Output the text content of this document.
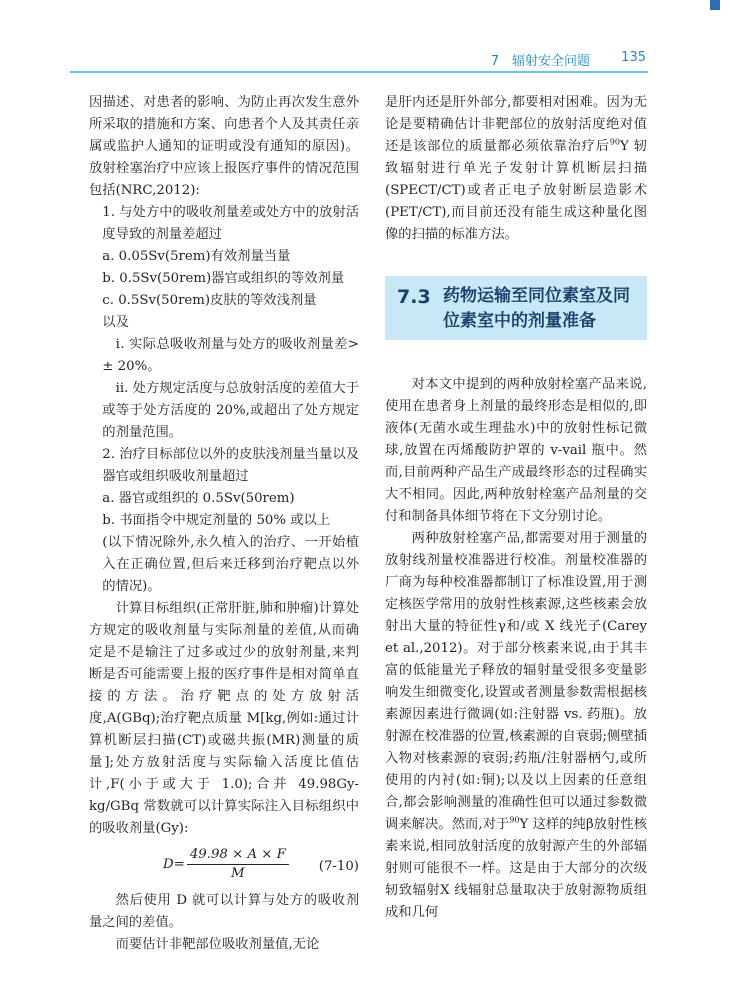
7　辐射安全问题 135

因描述、对患者的影响、为防止再次发生意外所采取的措施和方案、向患者个人及其责任亲属或监护人通知的证明或没有通知的原因)。放射栓塞治疗中应该上报医疗事件的情况范围包括(NRC,2012):

1. 与处方中的吸收剂量差或处方中的放射活度导致的剂量差超过

a. 0.05Sv(5rem)有效剂量当量

b. 0.5Sv(50rem)器官或组织的等效剂量

c. 0.5Sv(50rem)皮肤的等效浅剂量

以及

ⅰ. 实际总吸收剂量与处方的吸收剂量差> ± 20%。

ⅱ. 处方规定活度与总放射活度的差值大于或等于处方活度的 20%,或超出了处方规定的剂量范围。

2. 治疗目标部位以外的皮肤浅剂量当量以及器官或组织吸收剂量超过

a. 器官或组织的 0.5Sv(50rem)

b. 书面指令中规定剂量的 50% 或以上

(以下情况除外,永久植入的治疗、一开始植入在正确位置,但后来迁移到治疗靶点以外的情况)。

计算目标组织(正常肝脏,肺和肿瘤)计算处方规定的吸收剂量与实际剂量的差值,从而确定是不是输注了过多或过少的放射剂量,来判断是否可能需要上报的医疗事件是相对简单直接的方法。治疗靶点的处方放射活度,A(GBq);治疗靶点质量 M[kg,例如:通过计算机断层扫描(CT)或磁共振(MR)测量的质量];处方放射活度与实际输入活度比值估计,F(小于或大于 1.0);合并 49.98Gy-kg/GBq 常数就可以计算实际注入目标组织中的吸收剂量(Gy):

$D= \frac{49.98 \times A \times F}{M} (7-10)$

然后使用 D 就可以计算与处方的吸收剂量之间的差值。

而要估计非靶部位吸收剂量值,无论

是肝内还是肝外部分,都要相对困难。因为无论是要精确估计非靶部位的放射活度绝对值还是该部位的质量都必须依靠治疗后$^{90}$Y 轫致辐射进行单光子发射计算机断层扫描(SPECT/CT)或者正电子放射断层造影术(PET/CT),而目前还没有能生成这种量化图像的扫描的标准方法。

7.3 药物运输至同位素室及同位素室中的剂量准备

对本文中提到的两种放射栓塞产品来说,使用在患者身上剂量的最终形态是相似的,即液体(无菌水或生理盐水)中的放射性标记微球,放置在丙烯酸防护罩的 v-vail 瓶中。然而,目前两种产品生产成最终形态的过程确实大不相同。因此,两种放射栓塞产品剂量的交付和制备具体细节将在下文分别讨论。

两种放射栓塞产品,都需要对用于测量的放射线剂量校准器进行校准。剂量校准器的厂商为每种校准器都制订了标准设置,用于测定核医学常用的放射性核素源,这些核素会放射出大量的特征性γ和/或 X 线光子(Carey et al.,2012)。对于部分核素来说,由于其丰富的低能量光子释放的辐射量受很多变量影响发生细微变化,设置或者测量参数需根据核素源因素进行微调(如:注射器 vs. 药瓶)。放射源在校准器的位置,核素源的自衰弱;侧壁插入物对核素源的衰弱;药瓶/注射器柄勺,或所使用的内衬(如:铜);以及以上因素的任意组合,都会影响测量的准确性但可以通过参数微调来解决。然而,对于$^{90}$Y 这样的纯β放射性核素来说,相同放射活度的放射源产生的外部辐射则可能很不一样。这是由于大部分的次级轫致辐射X 线辐射总量取决于放射源物质组成和几何
